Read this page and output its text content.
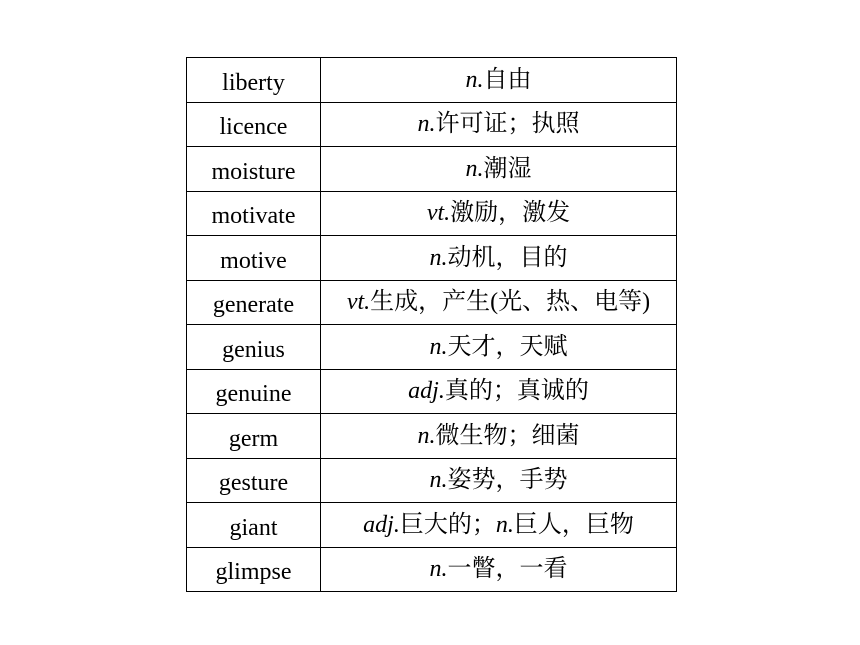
liberty	n.自由
licence	n.许可证；执照
moisture	n.潮湿
motivate	vt.激励，激发
motive	n.动机，目的
generate	vt.生成，产生(光、热、电等)
genius	n.天才，天赋
genuine	adj.真的；真诚的
germ	n.微生物；细菌
gesture	n.姿势，手势
giant	adj.巨大的；n.巨人，巨物
glimpse	n.一瞥，一看
